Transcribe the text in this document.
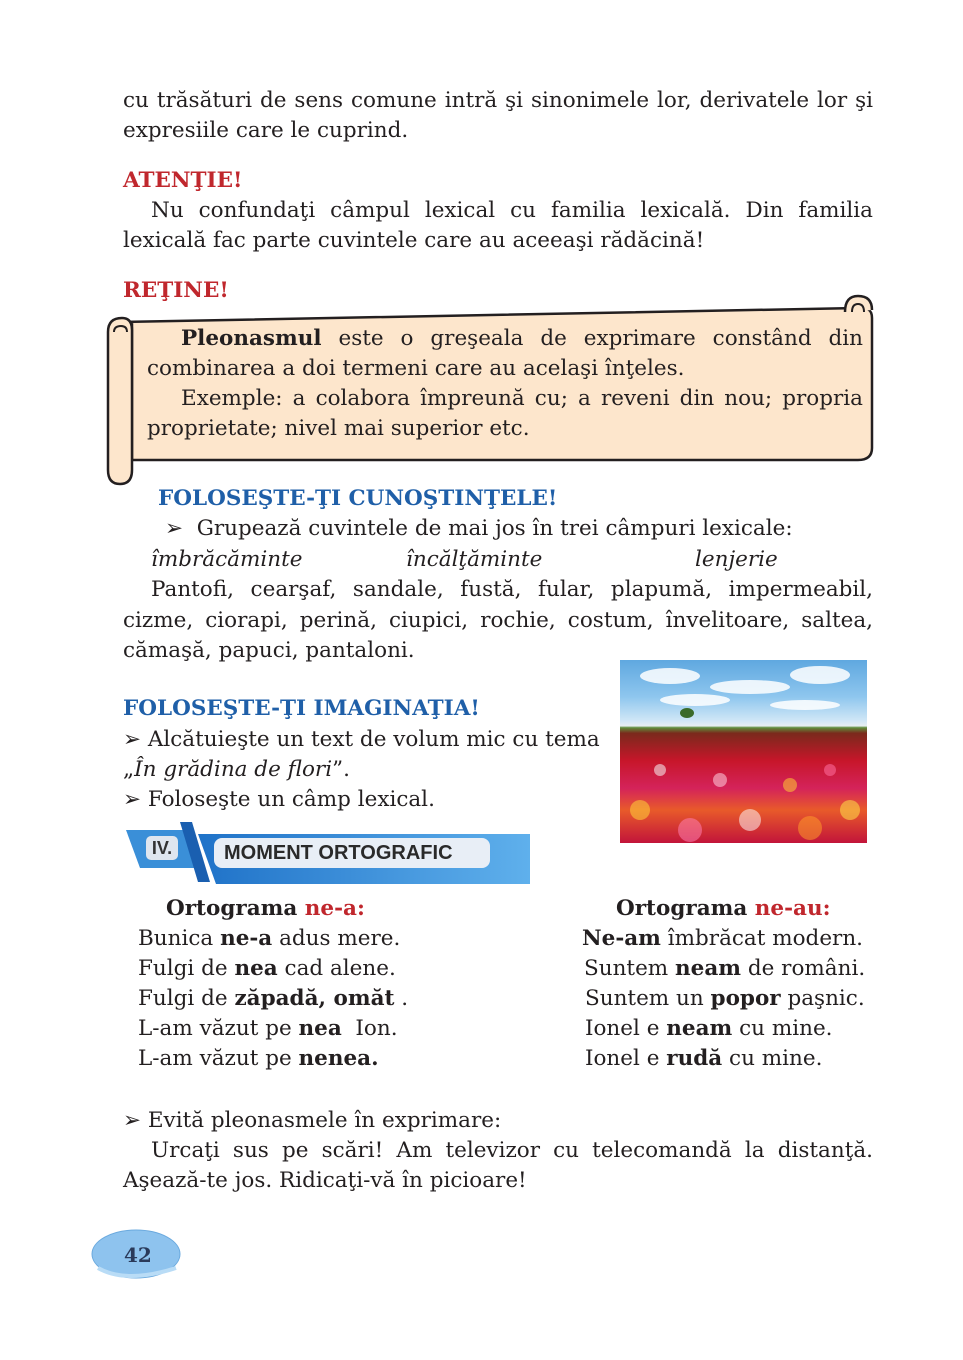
cu trăsături de sens comune intră şi sinonimele lor, derivatele lor şi
expresiile care le cuprind.
ATENŢIE!
Nu confundaţi câmpul lexical cu familia lexicală. Din familia
lexicală fac parte cuvintele care au aceeaşi rădăcină!
REŢINE!
Pleonasmul este o greşeala de exprimare constând din
combinarea a doi termeni care au acelaşi înţeles.
Exemple: a colabora împreună cu; a reveni din nou; propria
proprietate; nivel mai superior etc.
FOLOSEŞTE-ŢI CUNOŞTINŢELE!
➢ Grupează cuvintele de mai jos în trei câmpuri lexicale:
îmbrăcăminte	încălţăminte	lenjerie
Pantofi, cearşaf, sandale, fustă, fular, plapumă, impermeabil,
cizme, ciorapi, perină, ciupici, rochie, costum, învelitoare, saltea,
cămaşă, papuci, pantaloni.
FOLOSEŞTE-ŢI IMAGINAŢIA!
➢ Alcătuieşte un text de volum mic cu tema
„În grădina de flori”.
➢ Foloseşte un câmp lexical.
IV.	MOMENT ORTOGRAFIC
Ortograma ne-a:
Bunica ne-a adus mere.
Fulgi de nea cad alene.
Fulgi de zăpadă, omăt .
L-am văzut pe nea  Ion.
L-am văzut pe nenea.
Ortograma ne-au:
Ne-am îmbrăcat modern.
Suntem neam de români.
Suntem un popor paşnic.
Ionel e neam cu mine.
Ionel e rudă cu mine.
➢ Evită pleonasmele în exprimare:
Urcaţi sus pe scări! Am televizor cu telecomandă la distanţă.
Aşează-te jos. Ridicaţi-vă în picioare!
42
